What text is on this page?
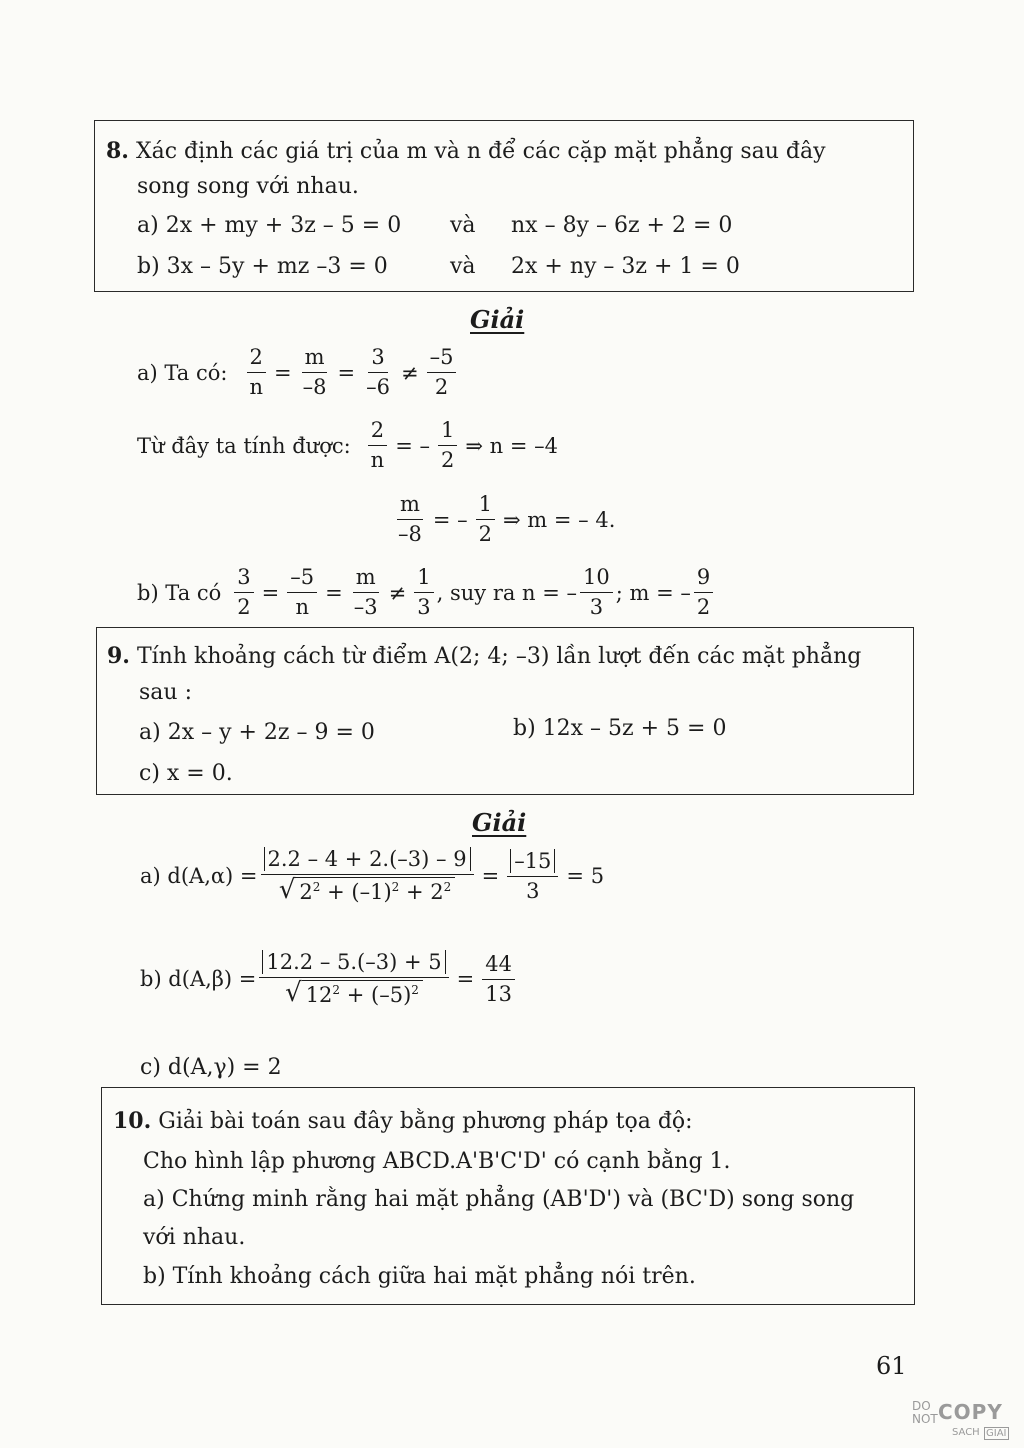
8. Xác định các giá trị của m và n để các cặp mặt phẳng sau đây
song song với nhau.
a) 2x + my + 3z – 5 = 0 và nx – 8y – 6z + 2 = 0
b) 3x – 5y + mz –3 = 0	và 2x + ny – 3z + 1 = 0
Giải
a) Ta có: $\frac{2}{n} = \frac{m}{-8} = \frac{3}{-6} \ne \frac{-5}{2}$
Từ đây ta tính được: $\frac{2}{n}$ = – $\frac{1}{2}$ ⇒ n = –4
$\frac{m}{-8}$ = – $\frac{1}{2}$ ⇒ m = – 4.
b) Ta có $\frac{3}{2} = \frac{-5}{n} = \frac{m}{-3} \ne \frac{1}{3}$ , suy ra n = – $\frac{10}{3}$ ; m = – $\frac{9}{2}$
9. Tính khoảng cách từ điểm A(2; 4; –3) lần lượt đến các mặt phẳng
sau :
a) 2x – y + 2z – 9 = 0	b) 12x – 5z + 5 = 0
c) x = 0.
Giải
a) $d(A,\alpha) = \frac{2.2 - 4 + 2.(-3) - 9}{√ 2^2 + (-1)^2 + 2^2} = \frac{-15}{3} = 5$
b) $d(A,\beta) = \frac{12.2 - 5.(-3) + 5}{√ 12^2 + (-5)^2} = \frac{44}{13}$
c) d(A,γ) = 2
10. Giải bài toán sau đây bằng phương pháp tọa độ:
Cho hình lập phương ABCD.A'B'C'D' có cạnh bằng 1.
a) Chứng minh rằng hai mặt phẳng (AB'D') và (BC'D) song song
với nhau.
b) Tính khoảng cách giữa hai mặt phẳng nói trên.
61
DO
NOT COPY
SACH GIAI
